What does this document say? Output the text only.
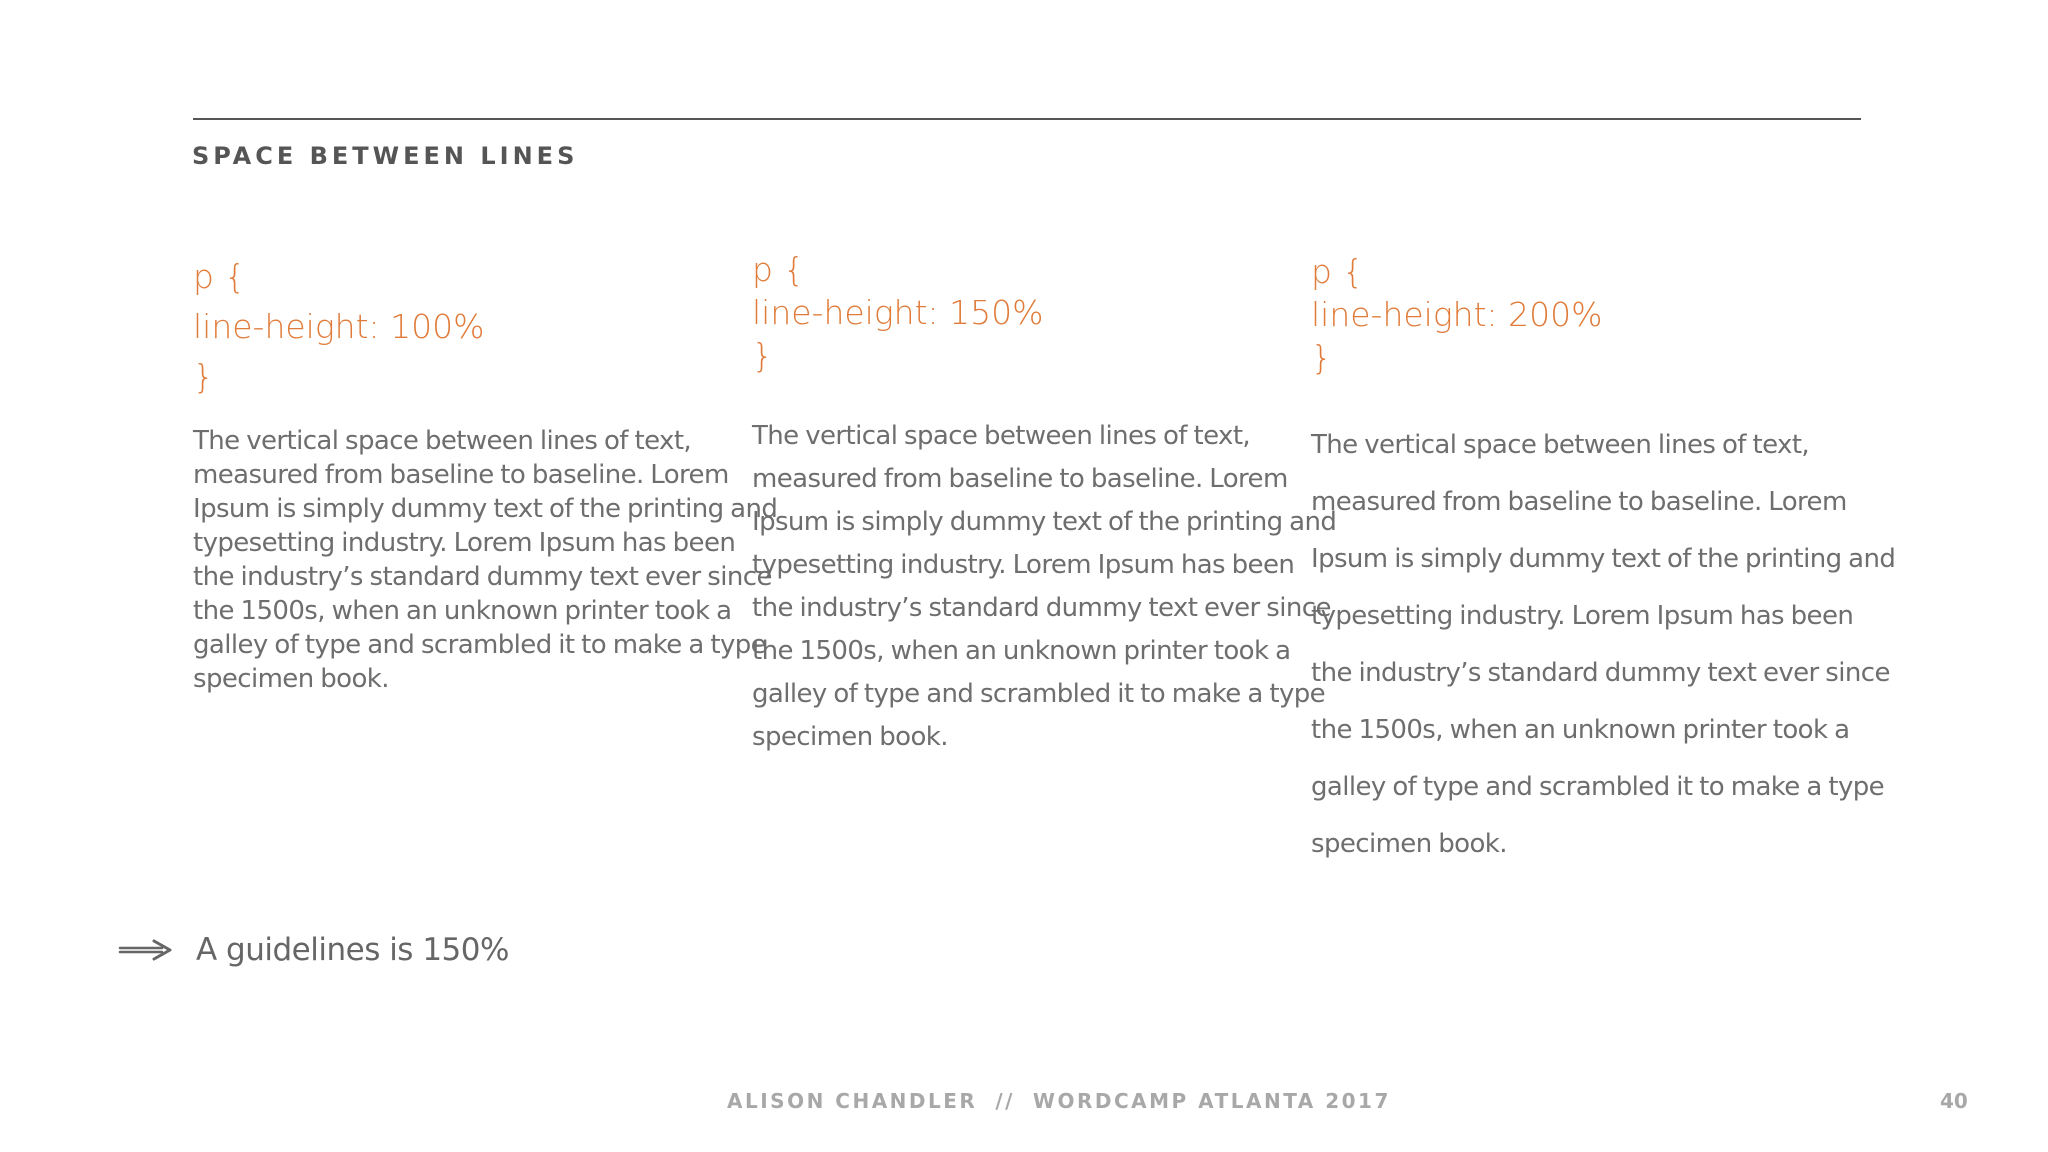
SPACE BETWEEN LINES
p {
line-height: 100%
}

The vertical space between lines of text,
measured from baseline to baseline. Lorem
Ipsum is simply dummy text of the printing and
typesetting industry. Lorem Ipsum has been
the industry’s standard dummy text ever since
the 1500s, when an unknown printer took a
galley of type and scrambled it to make a type
specimen book.

p {
line-height: 150%
}

The vertical space between lines of text,
measured from baseline to baseline. Lorem
Ipsum is simply dummy text of the printing and
typesetting industry. Lorem Ipsum has been
the industry’s standard dummy text ever since
the 1500s, when an unknown printer took a
galley of type and scrambled it to make a type
specimen book.

p {
line-height: 200%
}

The vertical space between lines of text,
measured from baseline to baseline. Lorem
Ipsum is simply dummy text of the printing and
typesetting industry. Lorem Ipsum has been
the industry’s standard dummy text ever since
the 1500s, when an unknown printer took a
galley of type and scrambled it to make a type
specimen book.

A guidelines is 150%
ALISON CHANDLER // WORDCAMP ATLANTA 2017	40
